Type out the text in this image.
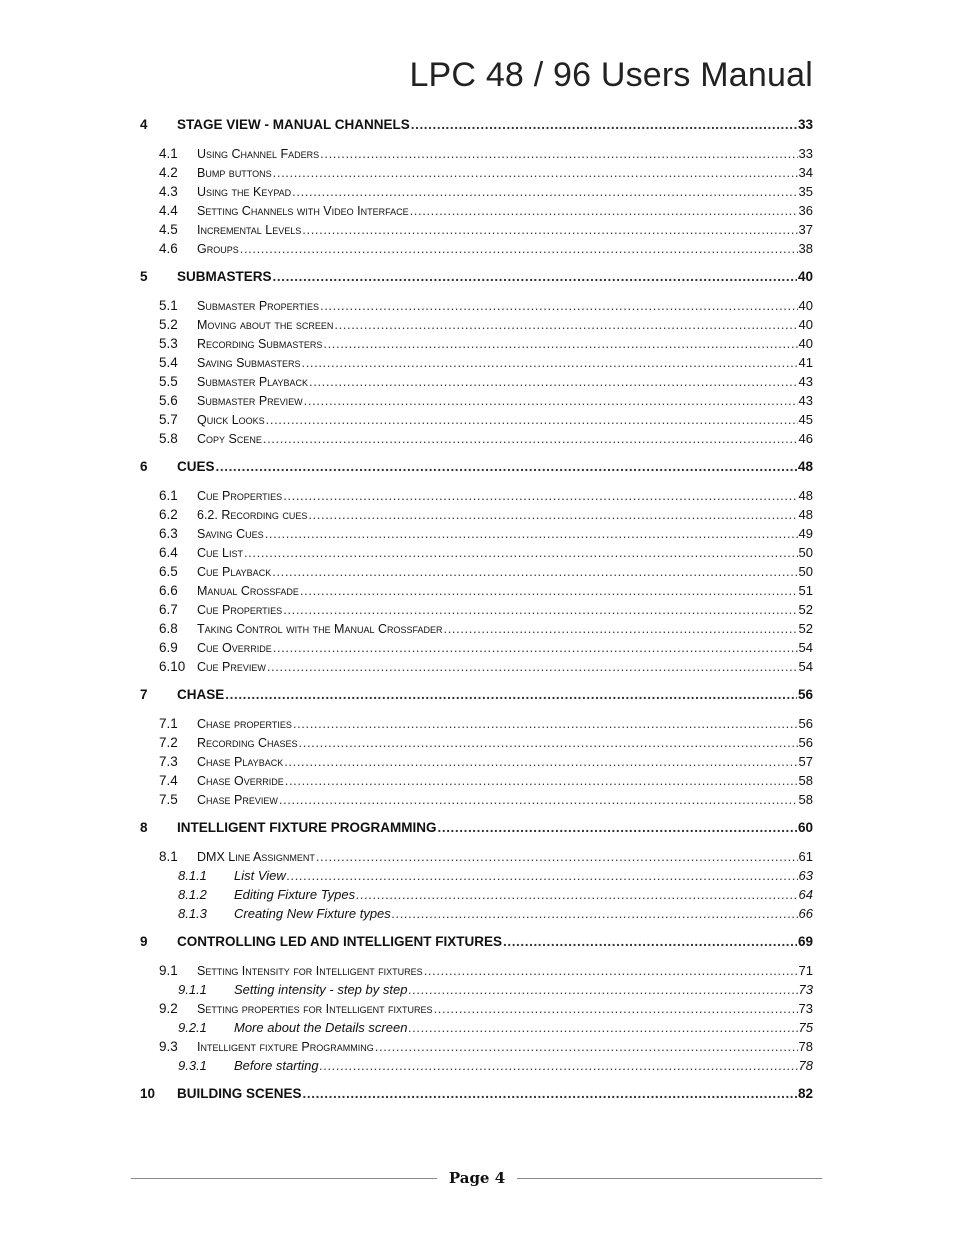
LPC 48 / 96 Users Manual
4	STAGE VIEW - MANUAL CHANNELS .....	33
4.1	Using Channel Faders .....	33
4.2	Bump buttons .....	34
4.3	Using the Keypad .....	35
4.4	Setting Channels with Video Interface .....	36
4.5	Incremental Levels .....	37
4.6	Groups .....	38
5	SUBMASTERS .....	40
5.1	Submaster Properties .....	40
5.2	Moving about the screen .....	40
5.3	Recording Submasters .....	40
5.4	Saving Submasters .....	41
5.5	Submaster Playback .....	43
5.6	Submaster Preview .....	43
5.7	Quick Looks .....	45
5.8	Copy Scene .....	46
6	CUES .....	48
6.1	Cue Properties .....	48
6.2	6.2. Recording cues .....	48
6.3	Saving Cues .....	49
6.4	Cue List .....	50
6.5	Cue Playback .....	50
6.6	Manual Crossfade .....	51
6.7	Cue Properties .....	52
6.8	Taking Control with the Manual Crossfader .....	52
6.9	Cue Override .....	54
6.10 Cue Preview .....	54
7	CHASE .....	56
7.1	Chase properties .....	56
7.2	Recording Chases .....	56
7.3	Chase Playback .....	57
7.4	Chase Override .....	58
7.5	Chase Preview .....	58
8	INTELLIGENT FIXTURE PROGRAMMING .....	60
8.1	DMX Line Assignment .....	61
8.1.1	List View .....	63
8.1.2	Editing Fixture Types .....	64
8.1.3	Creating New Fixture types .....	66
9	CONTROLLING LED AND INTELLIGENT FIXTURES .....	69
9.1	Setting Intensity for Intelligent fixtures .....	71
9.1.1	Setting intensity - step by step .....	73
9.2	Setting properties for Intelligent fixtures .....	73
9.2.1	More about the Details screen .....	75
9.3	Intelligent fixture Programming .....	78
9.3.1	Before starting .....	78
10	BUILDING SCENES .....	82
Page 4
